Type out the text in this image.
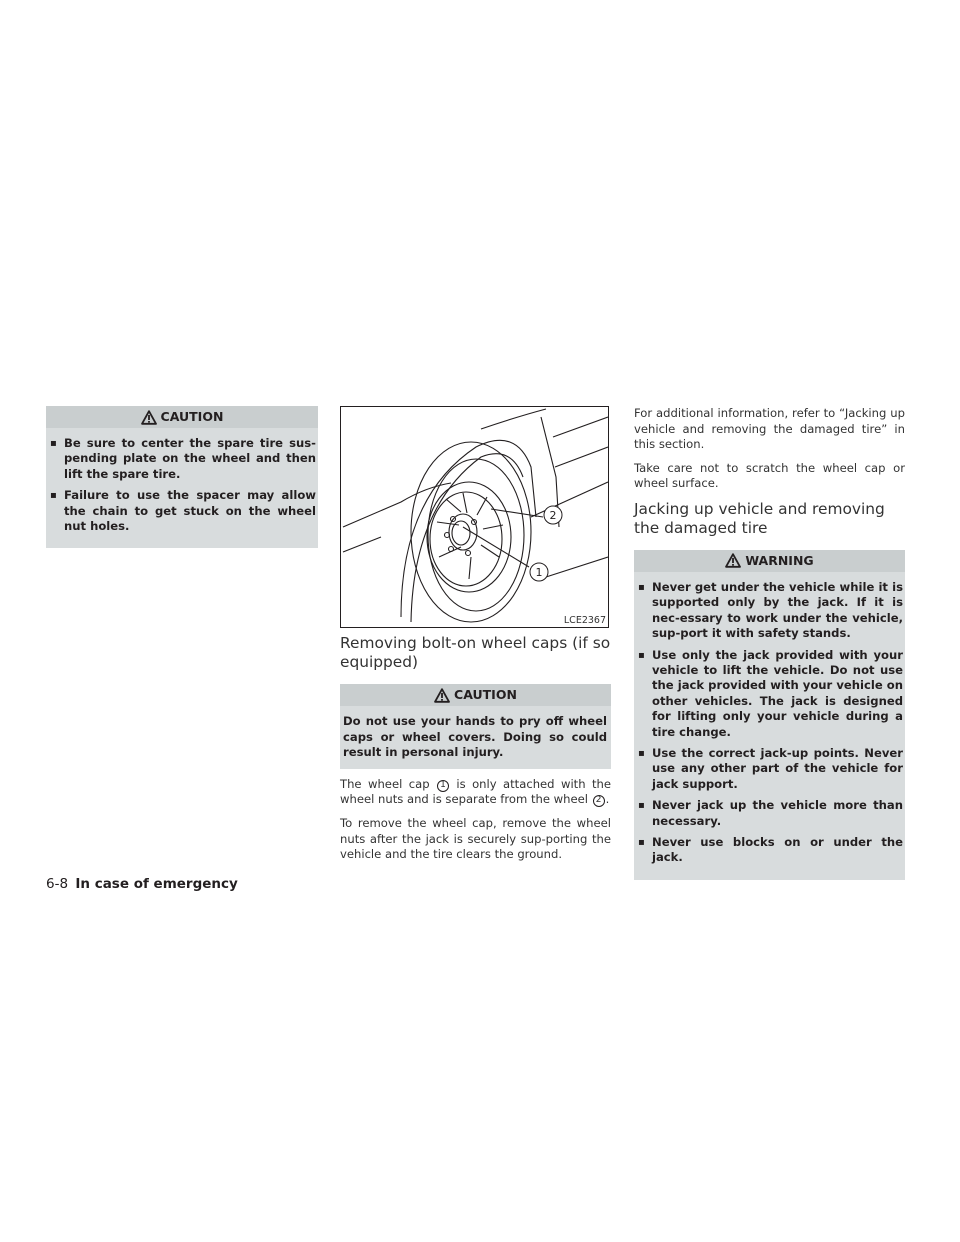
CAUTION
▪ Be sure to center the spare tire sus-pending plate on the wheel and then lift the spare tire.
▪ Failure to use the spacer may allow the chain to get stuck on the wheel nut holes.
1
2
LCE2367
Removing bolt-on wheel caps (if so equipped)
CAUTION

Do not use your hands to pry off wheel caps or wheel covers. Doing so could result in personal injury.

The wheel cap 1 is only attached with the wheel nuts and is separate from the wheel 2 .

To remove the wheel cap, remove the wheel nuts after the jack is securely sup-porting the vehicle and the tire clears the ground.

For additional information, refer to “Jacking up vehicle and removing the damaged tire” in this section.

Take care not to scratch the wheel cap or wheel surface.

Jacking up vehicle and removing the damaged tire
WARNING
▪ Never get under the vehicle while it is supported only by the jack. If it is nec-essary to work under the vehicle, sup-port it with safety stands.
▪ Use only the jack provided with your vehicle to lift the vehicle. Do not use the jack provided with your vehicle on other vehicles. The jack is designed for lifting only your vehicle during a tire change.
▪ Use the correct jack-up points. Never use any other part of the vehicle for jack support.
▪ Never jack up the vehicle more than necessary.
▪ Never use blocks on or under the jack.
6-8 In case of emergency
